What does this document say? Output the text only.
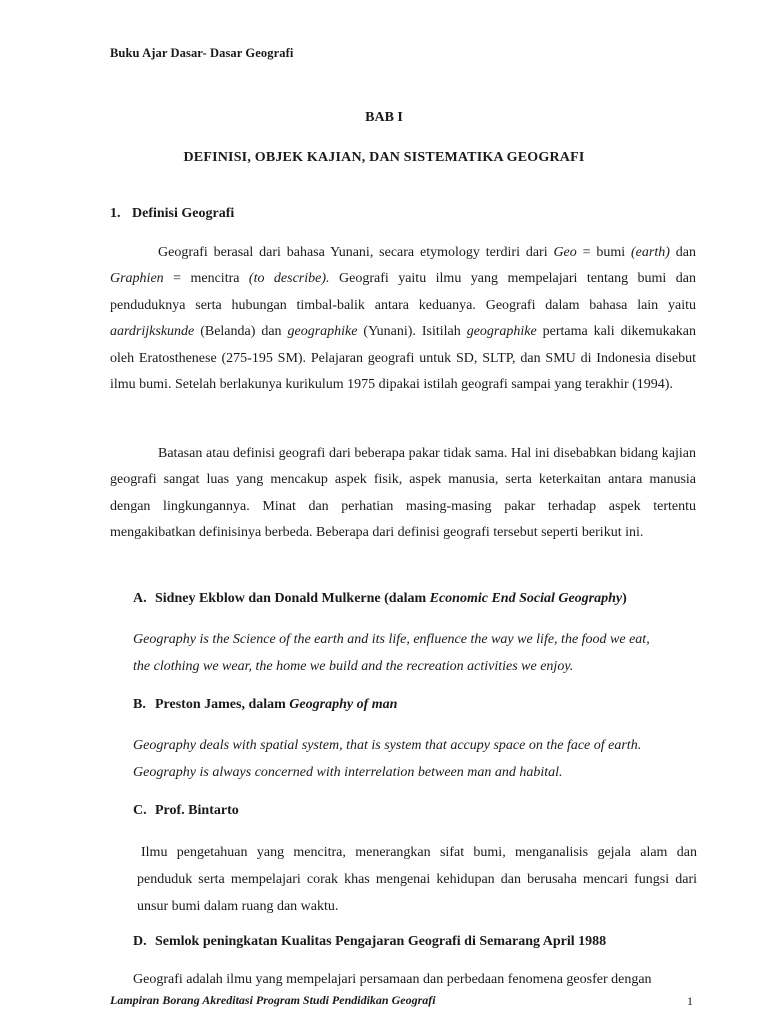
Buku Ajar Dasar- Dasar Geografi
BAB I
DEFINISI, OBJEK KAJIAN, DAN SISTEMATIKA GEOGRAFI
1. Definisi Geografi

Geografi berasal dari bahasa Yunani, secara etymology terdiri dari Geo = bumi (earth) dan Graphien = mencitra (to describe). Geografi yaitu ilmu yang mempelajari tentang bumi dan penduduknya serta hubungan timbal-balik antara keduanya. Geografi dalam bahasa lain yaitu aardrijkskunde (Belanda) dan geographike (Yunani). Isitilah geographike pertama kali dikemukakan oleh Eratosthenese (275-195 SM). Pelajaran geografi untuk SD, SLTP, dan SMU di Indonesia disebut ilmu bumi. Setelah berlakunya kurikulum 1975 dipakai istilah geografi sampai yang terakhir (1994).

Batasan atau definisi geografi dari beberapa pakar tidak sama. Hal ini disebabkan bidang kajian geografi sangat luas yang mencakup aspek fisik, aspek manusia, serta keterkaitan antara manusia dengan lingkungannya. Minat dan perhatian masing-masing pakar terhadap aspek tertentu mengakibatkan definisinya berbeda. Beberapa dari definisi geografi tersebut seperti berikut ini.

A. Sidney Ekblow dan Donald Mulkerne (dalam Economic End Social Geography)

Geography is the Science of the earth and its life, enfluence the way we life, the food we eat,
the clothing we wear, the home we build and the recreation activities we enjoy.

B. Preston James, dalam Geography of man

Geography deals with spatial system, that is system that accupy space on the face of earth.
Geography is always concerned with interrelation between man and habital.

C. Prof. Bintarto

Ilmu pengetahuan yang mencitra, menerangkan sifat bumi, menganalisis gejala alam dan penduduk serta mempelajari corak khas mengenai kehidupan dan berusaha mencari fungsi dari unsur bumi dalam ruang dan waktu.

D. Semlok peningkatan Kualitas Pengajaran Geografi di Semarang April 1988

Geografi adalah ilmu yang mempelajari persamaan dan perbedaan fenomena geosfer dengan

Lampiran Borang Akreditasi Program Studi Pendidikan Geografi	1
